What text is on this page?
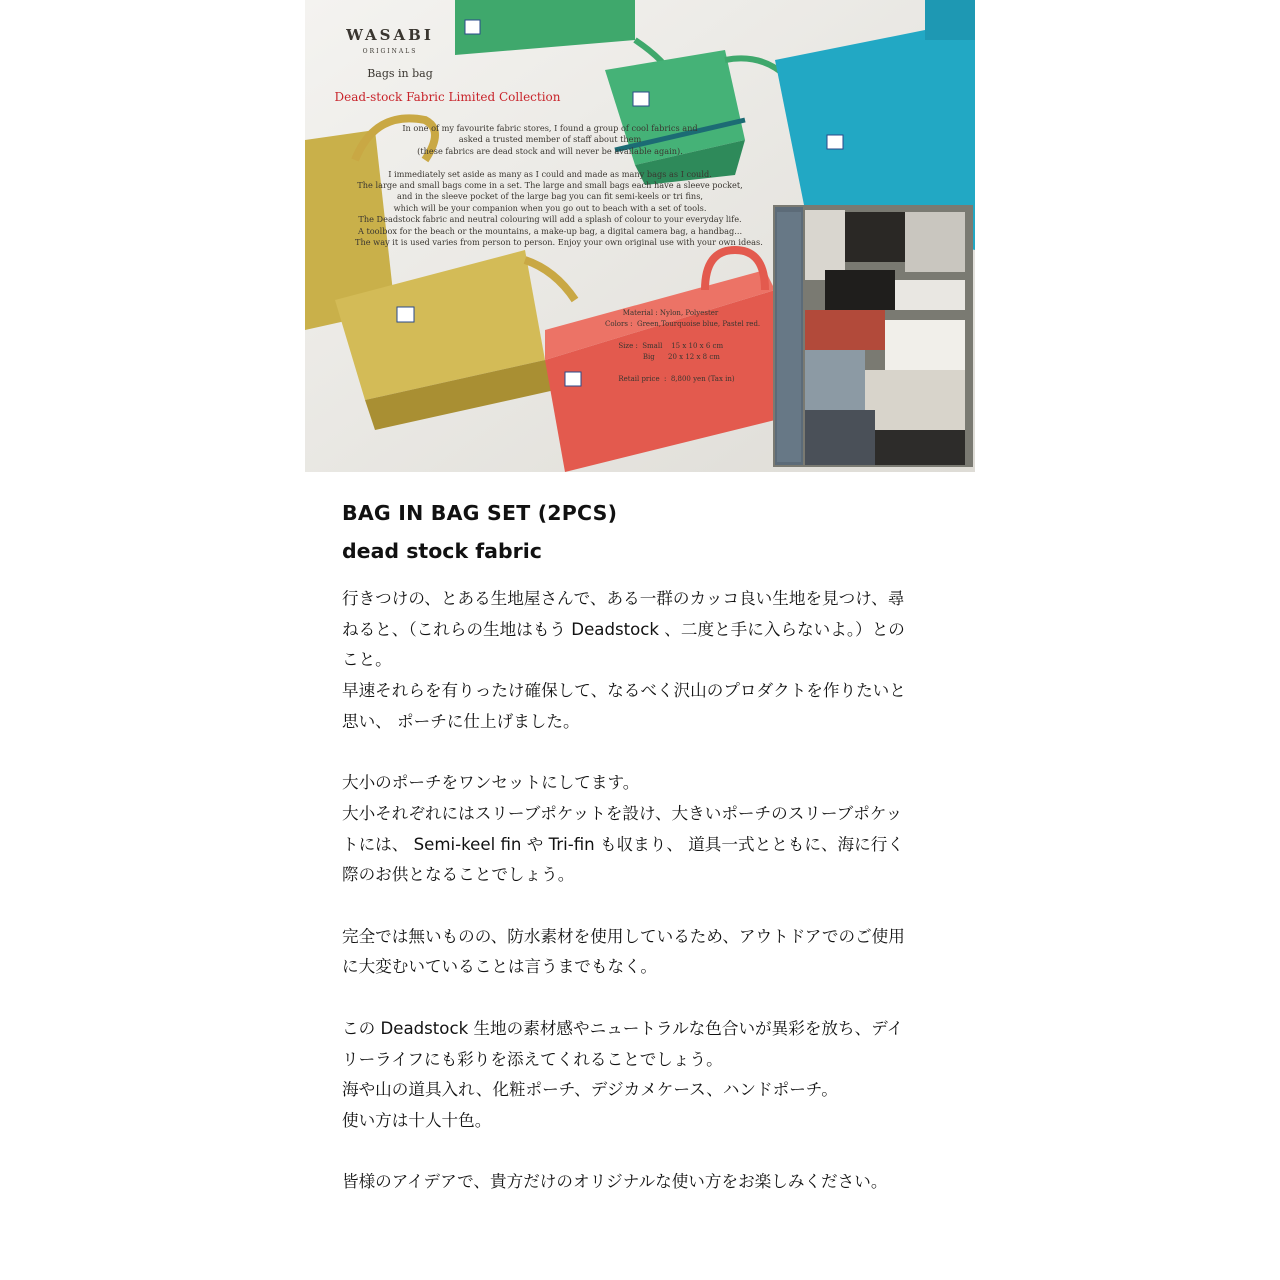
WASABI
ORIGINALS
Bags in bag
Dead-stock Fabric Limited Collection
In one of my favourite fabric stores, I found a group of cool fabrics and
asked a trusted member of staff about them
(these fabrics are dead stock and will never be available again).

I immediately set aside as many as I could and made as many bags as I could.
The large and small bags come in a set. The large and small bags each have a sleeve pocket,
and in the sleeve pocket of the large bag you can fit semi-keels or tri fins,
which will be your companion when you go out to beach with a set of tools.
The Deadstock fabric and neutral colouring will add a splash of colour to your everyday life.
A toolbox for the beach or the mountains, a make-up bag, a digital camera bag, a handbag...
The way it is used varies from person to person. Enjoy your own original use with your own ideas.
Material : Nylon, Polyester
Colors :  Green,Tourquoise blue, Pastel red.

Size :  Small    15 x 10 x 6 cm
Big      20 x 12 x 8 cm

Retail price  :  8,800 yen (Tax in)
BAG IN BAG SET (2PCS)
dead stock fabric
行きつけの、とある生地屋さんで、ある一群のカッコ良い生地を見つけ、尋
ねると、（これらの生地はもう Deadstock 、二度と手に入らないよ。）との
こと。
早速それらを有りったけ確保して、なるべく沢山のプロダクトを作りたいと
思い、 ポーチに仕上げました。
大小のポーチをワンセットにしてます。
大小それぞれにはスリーブポケットを設け、大きいポーチのスリーブポケッ
トには、 Semi-keel fin や Tri-fin も収まり、 道具一式とともに、海に行く
際のお供となることでしょう。
完全では無いものの、防水素材を使用しているため、アウトドアでのご使用
に大変むいていることは言うまでもなく。
この Deadstock 生地の素材感やニュートラルな色合いが異彩を放ち、デイ
リーライフにも彩りを添えてくれることでしょう。
海や山の道具入れ、化粧ポーチ、デジカメケース、ハンドポーチ。
使い方は十人十色。
皆様のアイデアで、貴方だけのオリジナルな使い方をお楽しみください。
